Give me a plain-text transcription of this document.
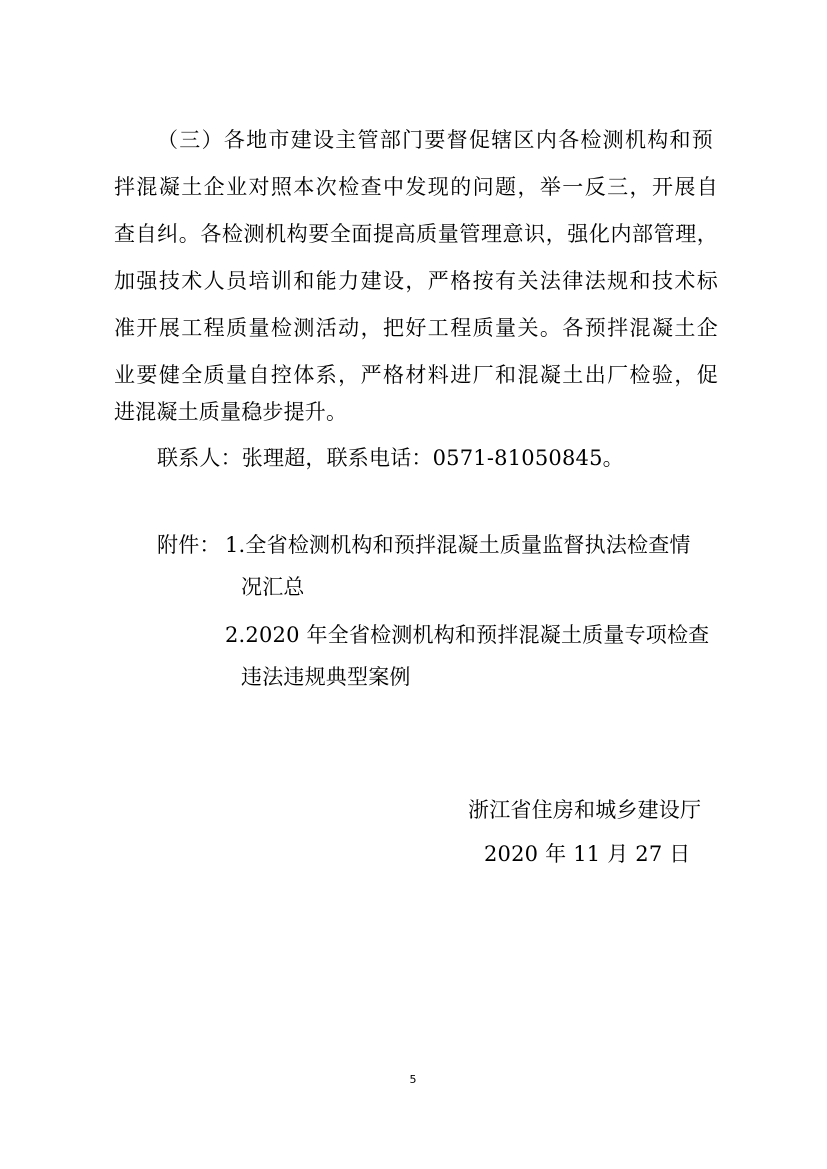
（三）各地市建设主管部门要督促辖区内各检测机构和预
拌混凝土企业对照本次检查中发现的问题，举一反三，开展自
查自纠。各检测机构要全面提高质量管理意识，强化内部管理，
加强技术人员培训和能力建设，严格按有关法律法规和技术标
准开展工程质量检测活动，把好工程质量关。各预拌混凝土企
业要健全质量自控体系，严格材料进厂和混凝土出厂检验，促
进混凝土质量稳步提升。
联系人：张理超，联系电话：0571-81050845。
附件： 1.全省检测机构和预拌混凝土质量监督执法检查情
况汇总
2.2020 年全省检测机构和预拌混凝土质量专项检查
违法违规典型案例
浙江省住房和城乡建设厅
2020 年 11 月 27 日
5
